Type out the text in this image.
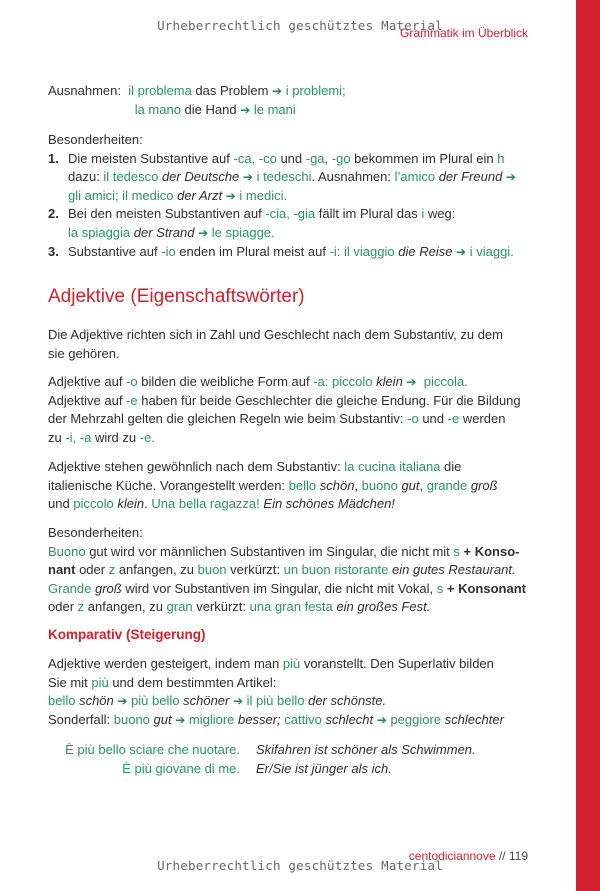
Urheberrechtlich geschütztes Material
Grammatik im Überblick
Ausnahmen:  il problema das Problem ➔ i problemi;
la mano die Hand ➔ le mani
Besonderheiten:
1. Die meisten Substantive auf -ca, -co und -ga, -go bekommen im Plural ein h
dazu: il tedesco der Deutsche ➔ i tedeschi. Ausnahmen: l’amico der Freund ➔
gli amici; il medico der Arzt ➔ i medici.
2. Bei den meisten Substantiven auf -cia, -gia fällt im Plural das i weg:
la spiaggia der Strand ➔ le spiagge.
3. Substantive auf -io enden im Plural meist auf -i: il viaggio die Reise ➔ i viaggi.
Adjektive (Eigenschaftswörter)
Die Adjektive richten sich in Zahl und Geschlecht nach dem Substantiv, zu dem
sie gehören.
Adjektive auf -o bilden die weibliche Form auf -a: piccolo klein ➔  piccola.
Adjektive auf -e haben für beide Geschlechter die gleiche Endung. Für die Bildung
der Mehrzahl gelten die gleichen Regeln wie beim Substantiv: -o und -e werden
zu -i, -a wird zu -e.
Adjektive stehen gewöhnlich nach dem Substantiv: la cucina italiana die
italienische Küche. Vorangestellt werden: bello schön, buono gut, grande groß
und piccolo klein. Una bella ragazza! Ein schönes Mädchen!
Besonderheiten:
Buono gut wird vor männlichen Substantiven im Singular, die nicht mit s + Konso-
nant oder z anfangen, zu buon verkürzt: un buon ristorante ein gutes Restaurant.
Grande groß wird vor Substantiven im Singular, die nicht mit Vokal, s + Konsonant
oder z anfangen, zu gran verkürzt: una gran festa ein großes Fest.
Komparativ (Steigerung)
Adjektive werden gesteigert, indem man più voranstellt. Den Superlativ bilden
Sie mit più und dem bestimmten Artikel:
bello schön ➔ più bello schöner ➔ il più bello der schönste.
Sonderfall: buono gut ➔ migliore besser; cattivo schlecht ➔ peggiore schlechter
È più bello sciare che nuotare.
È più giovane di me.
Skifahren ist schöner als Schwimmen.
Er/Sie ist jünger als ich.
centodiciannove // 119
Urheberrechtlich geschütztes Material
